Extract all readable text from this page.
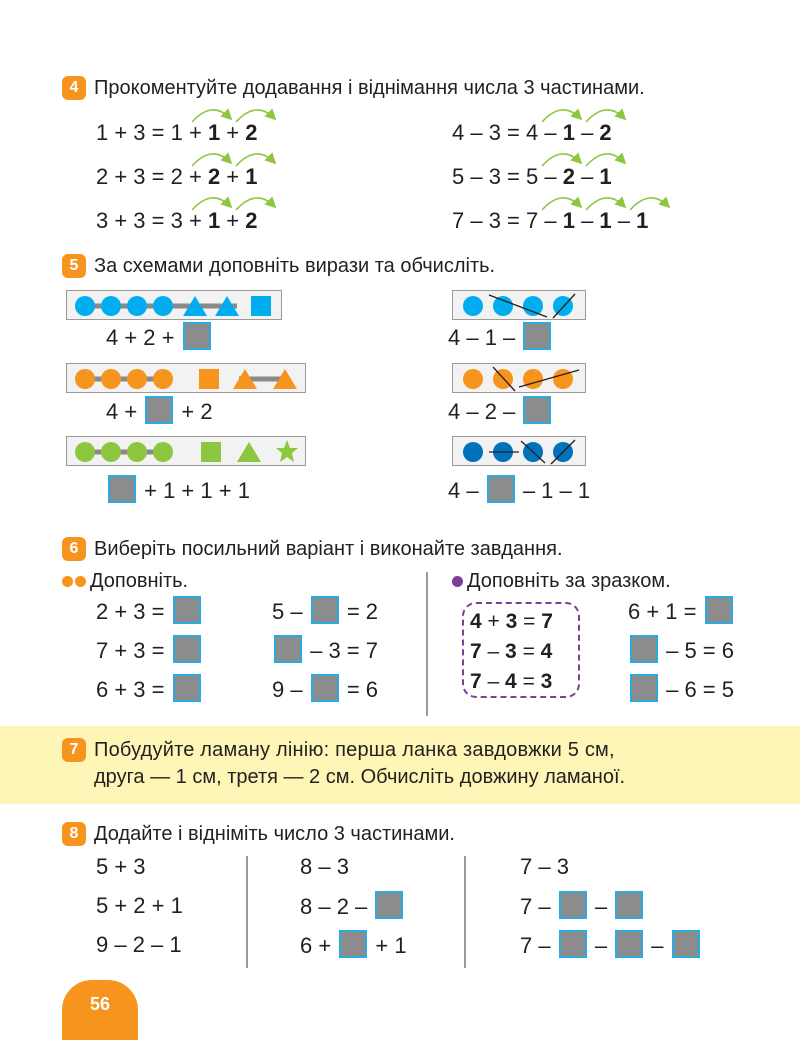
4 Прокоментуйте додавання і віднімання числа 3 частинами.
1 + 3 = 1 + 1 + 2
2 + 3 = 2 + 2 + 1
3 + 3 = 3 + 1 + 2
4 – 3 = 4 – 1 – 2
5 – 3 = 5 – 2 – 1
7 – 3 = 7 – 1 – 1 – 1
5 За схемами доповніть вирази та обчисліть.
4 + 2 +
4 + + 2
+ 1 + 1 + 1
4 – 1 –
4 – 2 –
4 – – 1 – 1
6 Виберіть посильний варіант і виконайте завдання.
Доповніть.	Доповніть за зразком.
2 + 3 =
7 + 3 =
6 + 3 =
5 – = 2
– 3 = 7
9 – = 6
4 + 3 = 7
7 – 3 = 4
7 – 4 = 3
6 + 1 =
– 5 = 6
– 6 = 5
7 Побудуйте ламану лінію: перша ланка завдовжки 5 см,
друга — 1 см, третя — 2 см. Обчисліть довжину ламаної.
8 Додайте і відніміть число 3 частинами.
5 + 3
5 + 2 + 1
9 – 2 – 1
8 – 3
8 – 2 –
6 + + 1
7 – 3
7 – –
7 – – –
56
